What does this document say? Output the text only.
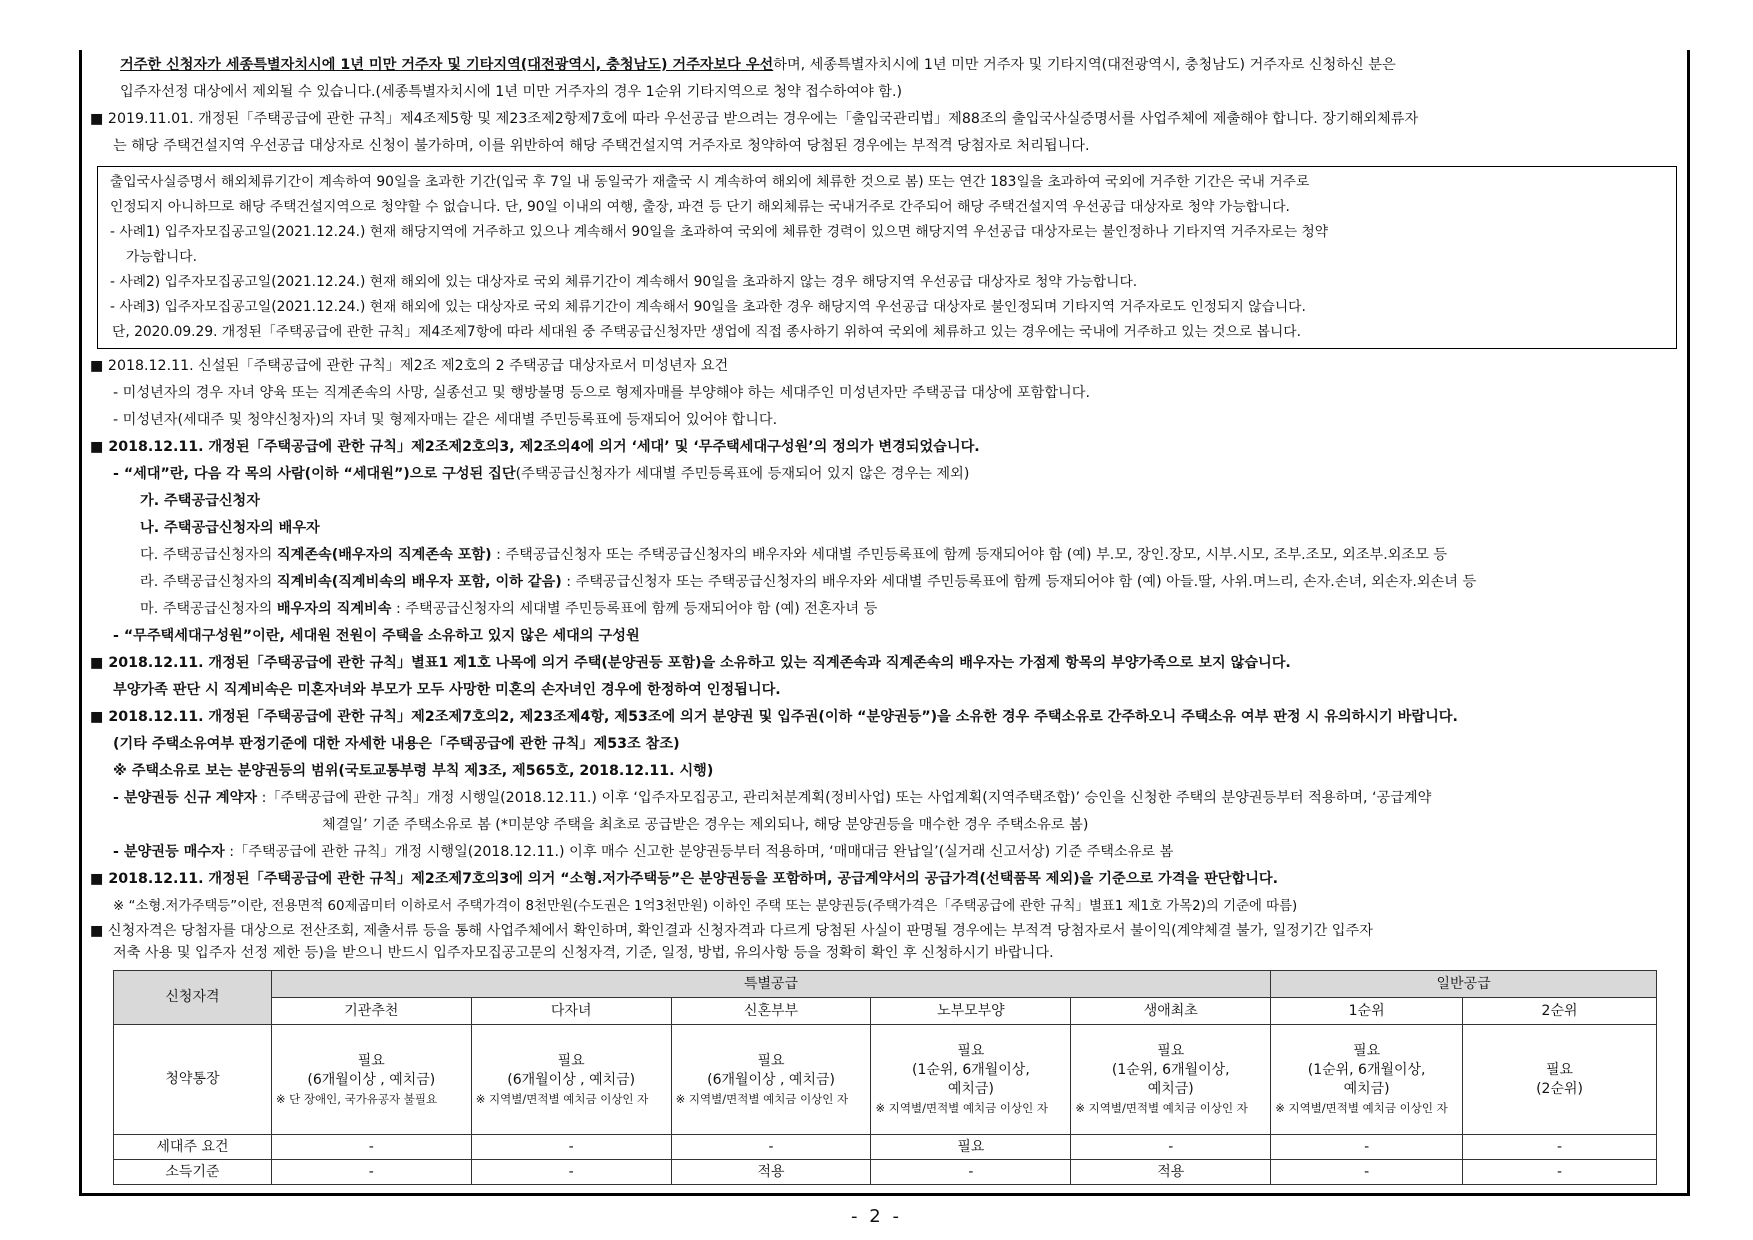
거주한 신청자가 세종특별자치시에 1년 미만 거주자 및 기타지역(대전광역시, 충청남도) 거주자보다 우선하며, 세종특별자치시에 1년 미만 거주자 및 기타지역(대전광역시, 충청남도) 거주자로 신청하신 분은
입주자선정 대상에서 제외될 수 있습니다.(세종특별자치시에 1년 미만 거주자의 경우 1순위 기타지역으로 청약 접수하여야 함.)
■ 2019.11.01. 개정된「주택공급에 관한 규칙」제4조제5항 및 제23조제2항제7호에 따라 우선공급 받으려는 경우에는「출입국관리법」제88조의 출입국사실증명서를 사업주체에 제출해야 합니다. 장기해외체류자
는 해당 주택건설지역 우선공급 대상자로 신청이 불가하며, 이를 위반하여 해당 주택건설지역 거주자로 청약하여 당첨된 경우에는 부적격 당첨자로 처리됩니다.
출입국사실증명서 해외체류기간이 계속하여 90일을 초과한 기간(입국 후 7일 내 동일국가 재출국 시 계속하여 해외에 체류한 것으로 봄) 또는 연간 183일을 초과하여 국외에 거주한 기간은 국내 거주로
인정되지 아니하므로 해당 주택건설지역으로 청약할 수 없습니다. 단, 90일 이내의 여행, 출장, 파견 등 단기 해외체류는 국내거주로 간주되어 해당 주택건설지역 우선공급 대상자로 청약 가능합니다.
- 사례1) 입주자모집공고일(2021.12.24.) 현재 해당지역에 거주하고 있으나 계속해서 90일을 초과하여 국외에 체류한 경력이 있으면 해당지역 우선공급 대상자로는 불인정하나 기타지역 거주자로는 청약
가능합니다.
- 사례2) 입주자모집공고일(2021.12.24.) 현재 해외에 있는 대상자로 국외 체류기간이 계속해서 90일을 초과하지 않는 경우 해당지역 우선공급 대상자로 청약 가능합니다.
- 사례3) 입주자모집공고일(2021.12.24.) 현재 해외에 있는 대상자로 국외 체류기간이 계속해서 90일을 초과한 경우 해당지역 우선공급 대상자로 불인정되며 기타지역 거주자로도 인정되지 않습니다.
단, 2020.09.29. 개정된「주택공급에 관한 규칙」제4조제7항에 따라 세대원 중 주택공급신청자만 생업에 직접 종사하기 위하여 국외에 체류하고 있는 경우에는 국내에 거주하고 있는 것으로 봅니다.
■ 2018.12.11. 신설된「주택공급에 관한 규칙」제2조 제2호의 2 주택공급 대상자로서 미성년자 요건
- 미성년자의 경우 자녀 양육 또는 직계존속의 사망, 실종선고 및 행방불명 등으로 형제자매를 부양해야 하는 세대주인 미성년자만 주택공급 대상에 포함합니다.
- 미성년자(세대주 및 청약신청자)의 자녀 및 형제자매는 같은 세대별 주민등록표에 등재되어 있어야 합니다.
■ 2018.12.11. 개정된「주택공급에 관한 규칙」제2조제2호의3, 제2조의4에 의거 ‘세대’ 및 ‘무주택세대구성원’의 정의가 변경되었습니다.
- “세대”란, 다음 각 목의 사람(이하 “세대원”)으로 구성된 집단(주택공급신청자가 세대별 주민등록표에 등재되어 있지 않은 경우는 제외)
가. 주택공급신청자
나. 주택공급신청자의 배우자
다. 주택공급신청자의 직계존속(배우자의 직계존속 포함) : 주택공급신청자 또는 주택공급신청자의 배우자와 세대별 주민등록표에 함께 등재되어야 함 (예) 부.모, 장인.장모, 시부.시모, 조부.조모, 외조부.외조모 등
라. 주택공급신청자의 직계비속(직계비속의 배우자 포함, 이하 같음) : 주택공급신청자 또는 주택공급신청자의 배우자와 세대별 주민등록표에 함께 등재되어야 함 (예) 아들.딸, 사위.며느리, 손자.손녀, 외손자.외손녀 등
마. 주택공급신청자의 배우자의 직계비속 : 주택공급신청자의 세대별 주민등록표에 함께 등재되어야 함 (예) 전혼자녀 등
- “무주택세대구성원”이란, 세대원 전원이 주택을 소유하고 있지 않은 세대의 구성원
■ 2018.12.11. 개정된「주택공급에 관한 규칙」별표1 제1호 나목에 의거 주택(분양권등 포함)을 소유하고 있는 직계존속과 직계존속의 배우자는 가점제 항목의 부양가족으로 보지 않습니다.
부양가족 판단 시 직계비속은 미혼자녀와 부모가 모두 사망한 미혼의 손자녀인 경우에 한정하여 인정됩니다.
■ 2018.12.11. 개정된「주택공급에 관한 규칙」제2조제7호의2, 제23조제4항, 제53조에 의거 분양권 및 입주권(이하 “분양권등”)을 소유한 경우 주택소유로 간주하오니 주택소유 여부 판정 시 유의하시기 바랍니다.
(기타 주택소유여부 판정기준에 대한 자세한 내용은「주택공급에 관한 규칙」제53조 참조)
※ 주택소유로 보는 분양권등의 범위(국토교통부령 부칙 제3조, 제565호, 2018.12.11. 시행)
- 분양권등 신규 계약자 :「주택공급에 관한 규칙」개정 시행일(2018.12.11.) 이후 ‘입주자모집공고, 관리처분계획(정비사업) 또는 사업계획(지역주택조합)’ 승인을 신청한 주택의 분양권등부터 적용하며, ‘공급계약
체결일’ 기준 주택소유로 봄 (*미분양 주택을 최초로 공급받은 경우는 제외되나, 해당 분양권등을 매수한 경우 주택소유로 봄)
- 분양권등 매수자 :「주택공급에 관한 규칙」개정 시행일(2018.12.11.) 이후 매수 신고한 분양권등부터 적용하며, ‘매매대금 완납일’(실거래 신고서상) 기준 주택소유로 봄
■ 2018.12.11. 개정된「주택공급에 관한 규칙」제2조제7호의3에 의거 “소형.저가주택등”은 분양권등을 포함하며, 공급계약서의 공급가격(선택품목 제외)을 기준으로 가격을 판단합니다.
※ “소형.저가주택등”이란, 전용면적 60제곱미터 이하로서 주택가격이 8천만원(수도권은 1억3천만원) 이하인 주택 또는 분양권등(주택가격은「주택공급에 관한 규칙」별표1 제1호 가목2)의 기준에 따름)
■ 신청자격은 당첨자를 대상으로 전산조회, 제출서류 등을 통해 사업주체에서 확인하며, 확인결과 신청자격과 다르게 당첨된 사실이 판명될 경우에는 부적격 당첨자로서 불이익(계약체결 불가, 일정기간 입주자
저축 사용 및 입주자 선정 제한 등)을 받으니 반드시 입주자모집공고문의 신청자격, 기준, 일정, 방법, 유의사항 등을 정확히 확인 후 신청하시기 바랍니다.
신청자격	특별공급					일반공급	
	기관추천	다자녀	신혼부부	노부모부양	생애최초	1순위	2순위
청약통장	필요
(6개월이상 , 예치금)
※ 단 장애인, 국가유공자 불필요	필요
(6개월이상 , 예치금)
※ 지역별/면적별 예치금 이상인 자	필요
(6개월이상 , 예치금)
※ 지역별/면적별 예치금 이상인 자	필요
(1순위, 6개월이상,
예치금)
※ 지역별/면적별 예치금 이상인 자	필요
(1순위, 6개월이상,
예치금)
※ 지역별/면적별 예치금 이상인 자	필요
(1순위, 6개월이상,
예치금)
※ 지역별/면적별 예치금 이상인 자	필요
(2순위)

세대주 요건	-	-	-	필요	-	-	-
소득기준	-	-	적용	-	적용	-	-
- 2 -
